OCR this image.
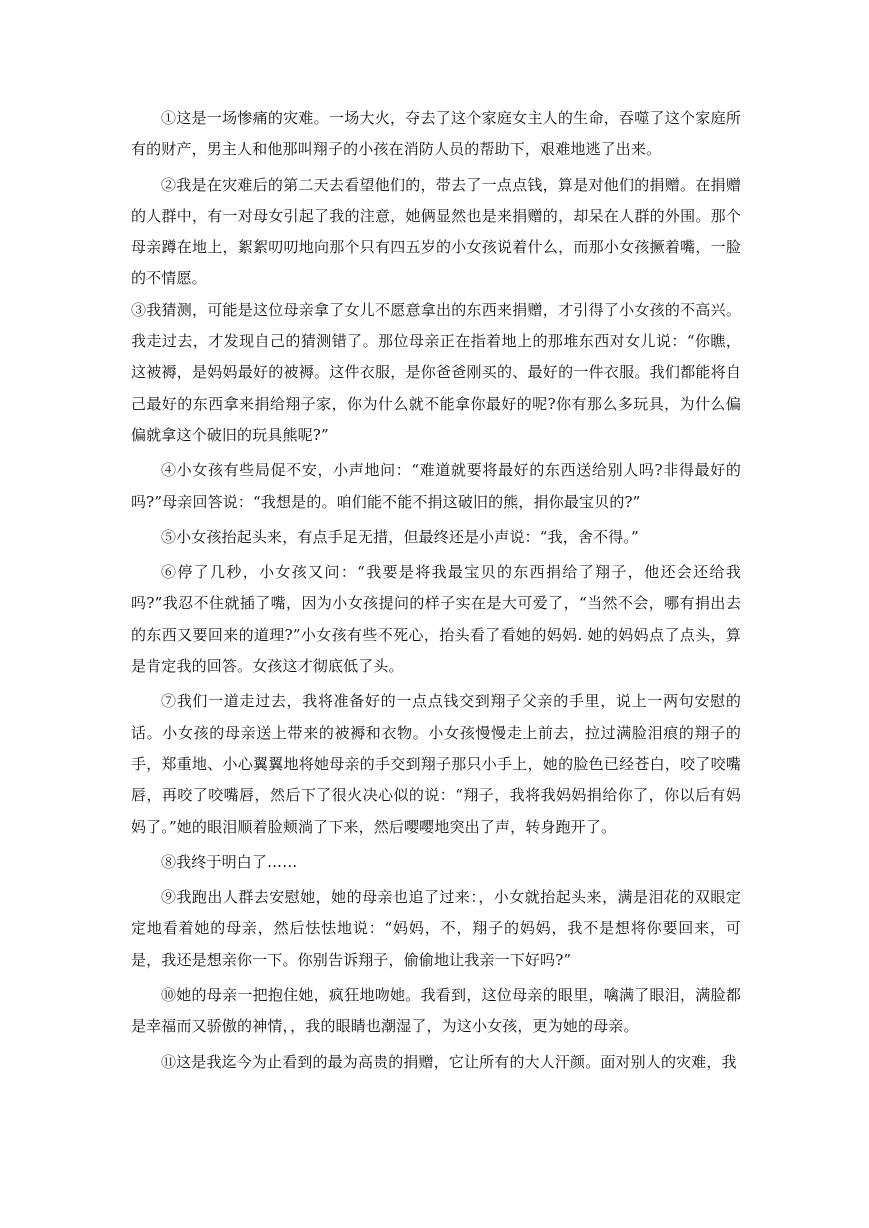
①这是一场惨痛的灾难。一场大火，夺去了这个家庭女主人的生命，吞噬了这个家庭所有的财产，男主人和他那叫翔子的小孩在消防人员的帮助下，艰难地逃了出来。

②我是在灾难后的第二天去看望他们的，带去了一点点钱，算是对他们的捐赠。在捐赠的人群中，有一对母女引起了我的注意，她俩显然也是来捐赠的，却呆在人群的外围。那个母亲蹲在地上，絮絮叨叨地向那个只有四五岁的小女孩说着什么，而那小女孩撅着嘴，一脸的不情愿。

③我猜测，可能是这位母亲拿了女儿不愿意拿出的东西来捐赠，才引得了小女孩的不高兴。我走过去，才发现自己的猜测错了。那位母亲正在指着地上的那堆东西对女儿说：“你瞧，这被褥，是妈妈最好的被褥。这件衣服，是你爸爸刚买的、最好的一件衣服。我们都能将自己最好的东西拿来捐给翔子家，你为什么就不能拿你最好的呢?你有那么多玩具，为什么偏偏就拿这个破旧的玩具熊呢?”

④小女孩有些局促不安，小声地问：“难道就要将最好的东西送给别人吗?非得最好的吗?”母亲回答说：“我想是的。咱们能不能不捐这破旧的熊，捐你最宝贝的?”

⑤小女孩抬起头来，有点手足无措，但最终还是小声说：“我，舍不得。”

⑥停了几秒，小女孩又问：“我要是将我最宝贝的东西捐给了翔子，他还会还给我吗?”我忍不住就插了嘴，因为小女孩提问的样子实在是大可爱了，“当然不会，哪有捐出去的东西又要回来的道理?”小女孩有些不死心，抬头看了看她的妈妈. 她的妈妈点了点头，算是肯定我的回答。女孩这才彻底低了头。

⑦我们一道走过去，我将准备好的一点点钱交到翔子父亲的手里，说上一两句安慰的话。小女孩的母亲送上带来的被褥和衣物。小女孩慢慢走上前去，拉过满脸泪痕的翔子的手，郑重地、小心翼翼地将她母亲的手交到翔子那只小手上，她的脸色已经苍白，咬了咬嘴唇，再咬了咬嘴唇，然后下了很火决心似的说：“翔子，我将我妈妈捐给你了，你以后有妈妈了。”她的眼泪顺着脸颊淌了下来，然后嘤嘤地突出了声，转身跑开了。

⑧我终于明白了……

⑨我跑出人群去安慰她，她的母亲也追了过来：，小女就抬起头来，满是泪花的双眼定定地看着她的母亲，然后怯怯地说：“妈妈，不，翔子的妈妈，我不是想将你要回来，可是，我还是想亲你一下。你别告诉翔子，偷偷地让我亲一下好吗?”

⑩她的母亲一把抱住她，疯狂地吻她。我看到，这位母亲的眼里，噙满了眼泪，满脸都是幸福而又骄傲的神情，，我的眼睛也潮湿了，为这小女孩，更为她的母亲。

⑪这是我迄今为止看到的最为高贵的捐赠，它让所有的大人汗颜。面对别人的灾难，我
